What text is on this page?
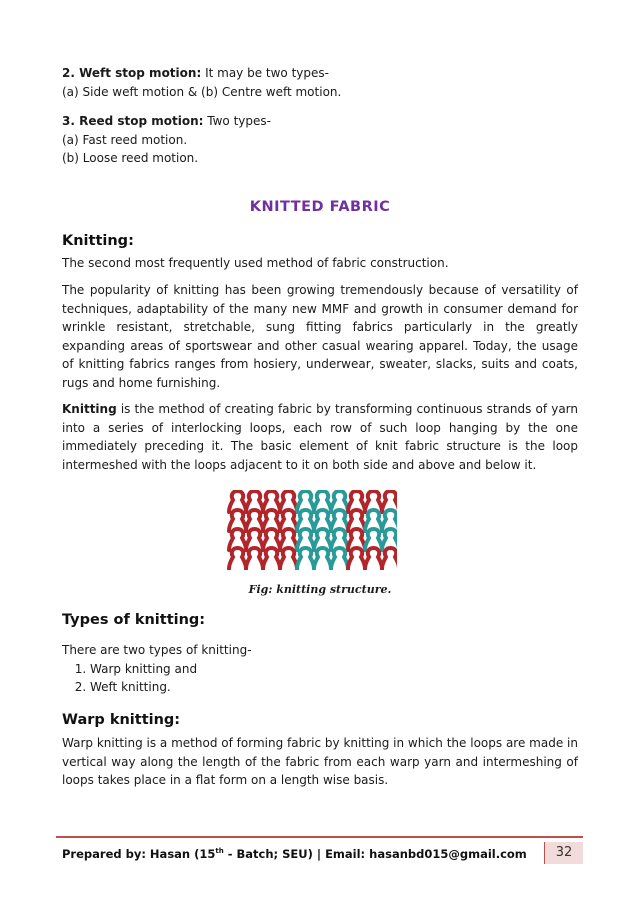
2. Weft stop motion: It may be two types-

(a) Side weft motion & (b) Centre weft motion.

3. Reed stop motion: Two types-

(a) Fast reed motion.

(b) Loose reed motion.

KNITTED FABRIC
Knitting:

The second most frequently used method of fabric construction.

The popularity of knitting has been growing tremendously because of versatility of techniques, adaptability of the many new MMF and growth in consumer demand for wrinkle resistant, stretchable, sung fitting fabrics particularly in the greatly expanding areas of sportswear and other casual wearing apparel. Today, the usage of knitting fabrics ranges from hosiery, underwear, sweater, slacks, suits and coats, rugs and home furnishing.

Knitting is the method of creating fabric by transforming continuous strands of yarn into a series of interlocking loops, each row of such loop hanging by the one immediately preceding it. The basic element of knit fabric structure is the loop intermeshed with the loops adjacent to it on both side and above and below it.

Fig: knitting structure.
Types of knitting:

There are two types of knitting-

1. Warp knitting and
2. Weft knitting.
Warp knitting:

Warp knitting is a method of forming fabric by knitting in which the loops are made in vertical way along the length of the fabric from each warp yarn and intermeshing of loops takes place in a flat form on a length wise basis.

Prepared by: Hasan (15th - Batch; SEU) | Email: hasanbd015@gmail.com	32
